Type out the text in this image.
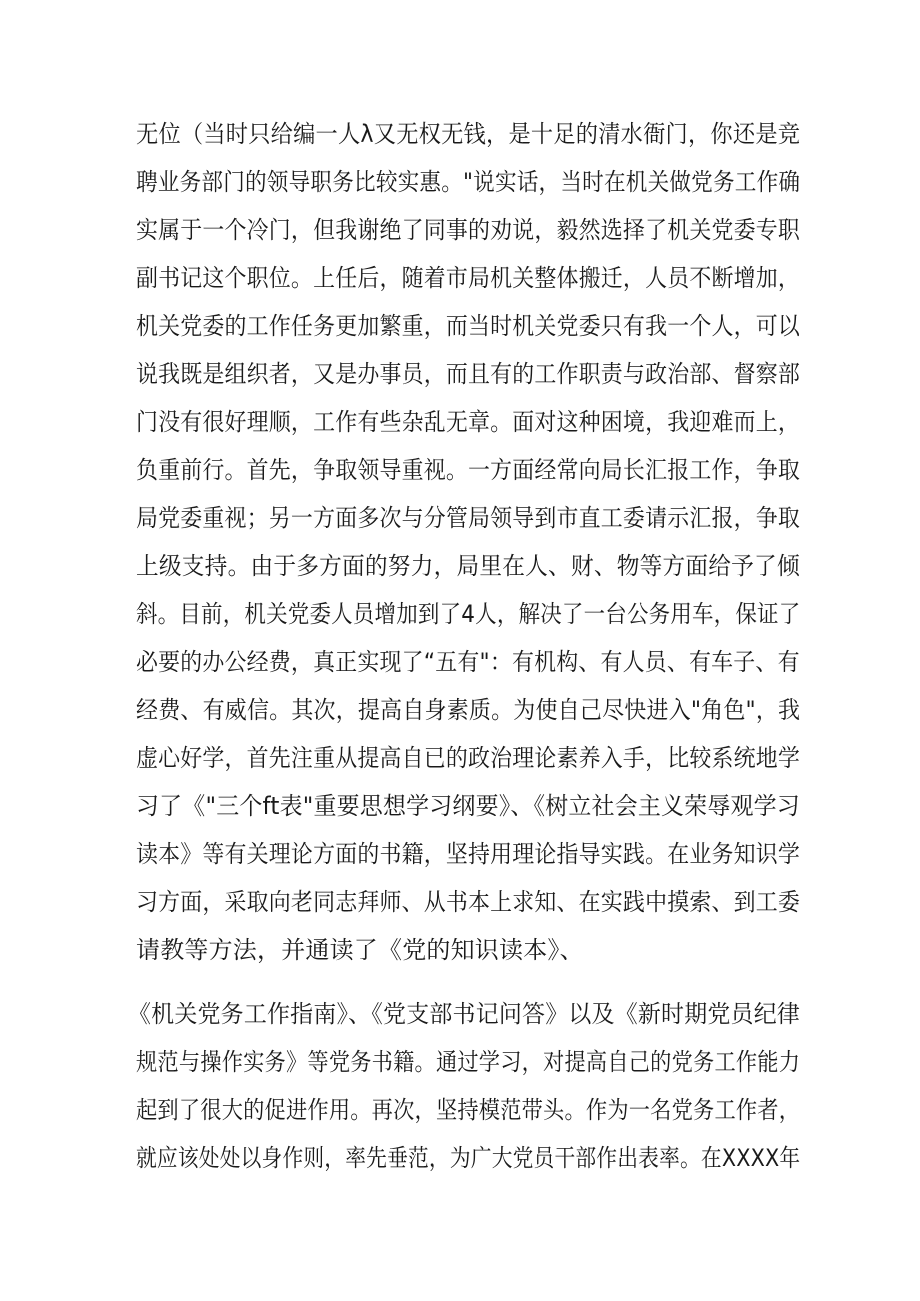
无位（当时只给编一人λ又无权无钱，是十足的清水衙门，你还是竞
聘业务部门的领导职务比较实惠。"说实话，当时在机关做党务工作确
实属于一个冷门，但我谢绝了同事的劝说，毅然选择了机关党委专职
副书记这个职位。上任后，随着市局机关整体搬迁，人员不断增加，
机关党委的工作任务更加繁重，而当时机关党委只有我一个人，可以
说我既是组织者，又是办事员，而且有的工作职责与政治部、督察部
门没有很好理顺，工作有些杂乱无章。面对这种困境，我迎难而上，
负重前行。首先，争取领导重视。一方面经常向局长汇报工作，争取
局党委重视；另一方面多次与分管局领导到市直工委请示汇报，争取
上级支持。由于多方面的努力，局里在人、财、物等方面给予了倾
斜。目前，机关党委人员增加到了4人，解决了一台公务用车，保证了
必要的办公经费，真正实现了“五有"：有机构、有人员、有车子、有
经费、有威信。其次，提高自身素质。为使自己尽快进入"角色"，我
虚心好学，首先注重从提高自已的政治理论素养入手，比较系统地学
习了《"三个ft表"重要思想学习纲要》、《树立社会主义荣辱观学习
读本》等有关理论方面的书籍，坚持用理论指导实践。在业务知识学
习方面，采取向老同志拜师、从书本上求知、在实践中摸索、到工委
请教等方法，并通读了《党的知识读本》、
《机关党务工作指南》、《党支部书记问答》以及《新时期党员纪律
规范与操作实务》等党务书籍。通过学习，对提高自己的党务工作能力
起到了很大的促进作用。再次，坚持模范带头。作为一名党务工作者，
就应该处处以身作则，率先垂范，为广大党员干部作出表率。在XXXX年
